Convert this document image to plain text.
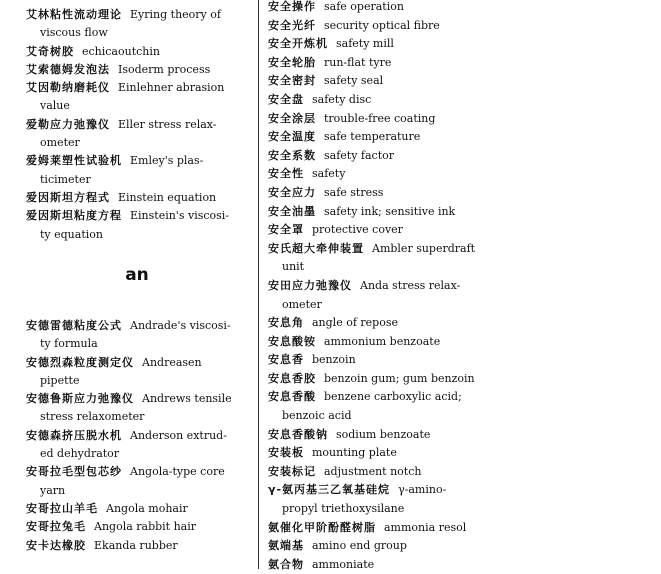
艾林粘性流动理论 Eyring theory of
viscous flow
艾奇树胶 echicaoutchin
艾索德姆发泡法 Isoderm process
艾因勒纳磨耗仪 Einlehner abrasion
value
爱勒应力弛豫仪 Eller stress relax-
ometer
爱姆莱塑性试验机 Emley's plas-
ticimeter
爱因斯坦方程式 Einstein equation
爱因斯坦粘度方程 Einstein's viscosi-
ty equation
an
安德雷德粘度公式 Andrade's viscosi-
ty formula
安德烈森粒度测定仪 Andreasen
pipette
安德鲁斯应力弛豫仪 Andrews tensile
stress relaxometer
安德森挤压脱水机 Anderson extrud-
ed dehydrator
安哥拉毛型包芯纱 Angola-type core
yarn
安哥拉山羊毛 Angola mohair
安哥拉兔毛 Angola rabbit hair
安卡达橡胶 Ekanda rubber
安全操作 safe operation
安全光纤 security optical fibre
安全开炼机 safety mill
安全轮胎 run-flat tyre
安全密封 safety seal
安全盘 safety disc
安全涂层 trouble-free coating
安全温度 safe temperature
安全系数 safety factor
安全性 safety
安全应力 safe stress
安全油墨 safety ink; sensitive ink
安全罩 protective cover
安氏超大牵伸装置 Ambler superdraft
unit
安田应力弛豫仪 Anda stress relax-
ometer
安息角 angle of repose
安息酸铵 ammonium benzoate
安息香 benzoin
安息香胶 benzoin gum; gum benzoin
安息香酸 benzene carboxylic acid;
benzoic acid
安息香酸钠 sodium benzoate
安装板 mounting plate
安装标记 adjustment notch
γ-氨丙基三乙氧基硅烷 γ-amino-
propyl triethoxysilane
氨催化甲阶酚醛树脂 ammonia resol
氨端基 amino end group
氨合物 ammoniate
